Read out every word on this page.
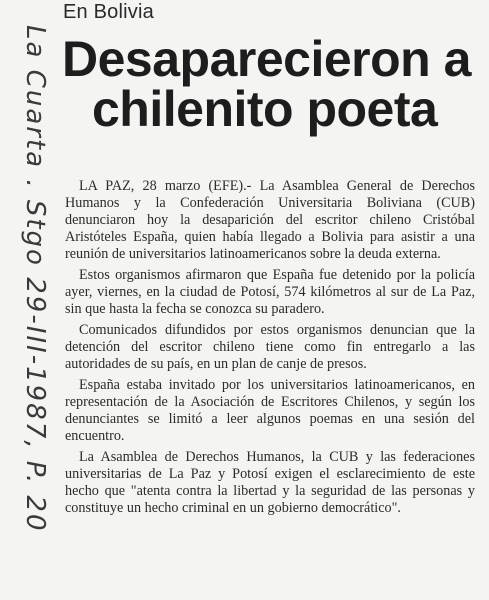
La Cuarta . Stgo 29-III-1987, P. 20
En Bolivia
Desaparecieron a
chilenito poeta

LA PAZ, 28 marzo (EFE).- La Asamblea General de Derechos Humanos y la Confederación Universitaria Boliviana (CUB) denunciaron hoy la desaparición del escritor chileno Cristóbal Aristóteles España, quien había llegado a Bolivia para asistir a una reunión de universitarios latinoamericanos sobre la deuda externa.

Estos organismos afirmaron que España fue detenido por la policía ayer, viernes, en la ciudad de Potosí, 574 kilómetros al sur de La Paz, sin que hasta la fecha se conozca su paradero.

Comunicados difundidos por estos organismos denuncian que la detención del escritor chileno tiene como fin entregarlo a las autoridades de su país, en un plan de canje de presos.

España estaba invitado por los universitarios latinoamericanos, en representación de la Asociación de Escritores Chilenos, y según los denunciantes se limitó a leer algunos poemas en una sesión del encuentro.

La Asamblea de Derechos Humanos, la CUB y las federaciones universitarias de La Paz y Potosí exigen el esclarecimiento de este hecho que "atenta contra la libertad y la seguridad de las personas y constituye un hecho criminal en un gobierno democrático".
